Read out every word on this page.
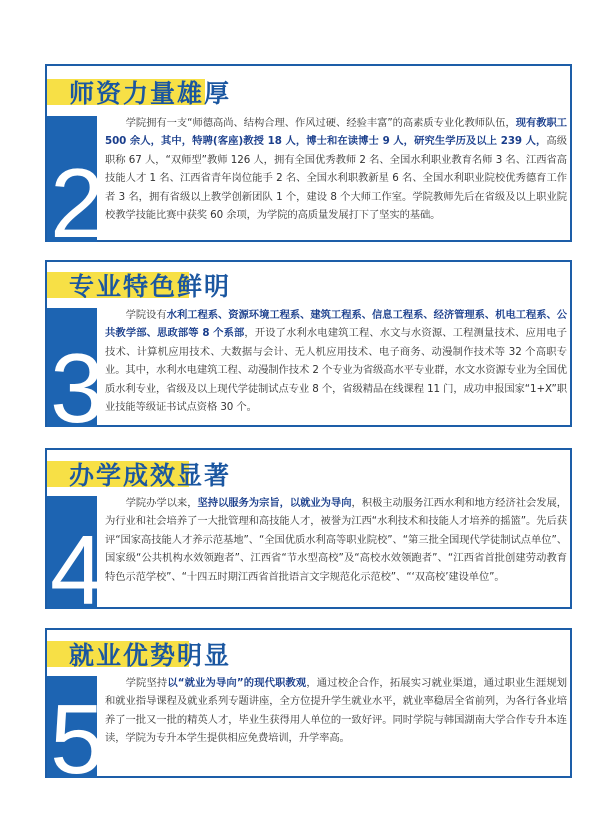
师资力量雄厚
2

学院拥有一支“师德高尚、结构合理、作风过硬、经验丰富”的高素质专业化教师队伍，现有教职工 500 余人，其中，特聘(客座)教授 18 人，博士和在读博士 9 人，研究生学历及以上 239 人，高级职称 67 人，“双师型”教师 126 人，拥有全国优秀教师 2 名、全国水利职业教育名师 3 名、江西省高技能人才 1 名、江西省青年岗位能手 2 名、全国水利职教新星 6 名、全国水利职业院校优秀德育工作者 3 名，拥有省级以上教学创新团队 1 个，建设 8 个大师工作室。学院教师先后在省级及以上职业院校教学技能比赛中获奖 60 余项，为学院的高质量发展打下了坚实的基础。

专业特色鲜明
3

学院设有水利工程系、资源环境工程系、建筑工程系、信息工程系、经济管理系、机电工程系、公共教学部、思政部等 8 个系部，开设了水利水电建筑工程、水文与水资源、工程测量技术、应用电子技术、计算机应用技术、大数据与会计、无人机应用技术、电子商务、动漫制作技术等 32 个高职专业。其中，水利水电建筑工程、动漫制作技术 2 个专业为省级高水平专业群，水文水资源专业为全国优质水利专业，省级及以上现代学徒制试点专业 8 个，省级精品在线课程 11 门，成功申报国家“1+X”职业技能等级证书试点资格 30 个。

办学成效显著
4

学院办学以来，坚持以服务为宗旨，以就业为导向，积极主动服务江西水利和地方经济社会发展，为行业和社会培养了一大批管理和高技能人才，被誉为江西“水利技术和技能人才培养的摇篮”。先后获评“国家高技能人才养示范基地”、“全国优质水利高等职业院校”、“第三批全国现代学徒制试点单位”、国家级“公共机构水效领跑者”、江西省“节水型高校”及“高校水效领跑者”、“江西省首批创建劳动教育特色示范学校”、“十四五时期江西省首批语言文字规范化示范校”、“‘双高校’建设单位”。

就业优势明显
5

学院坚持以“就业为导向”的现代职教观，通过校企合作，拓展实习就业渠道，通过职业生涯规划和就业指导课程及就业系列专题讲座，全方位提升学生就业水平，就业率稳居全省前列，为各行各业培养了一批又一批的精英人才，毕业生获得用人单位的一致好评。同时学院与韩国湖南大学合作专升本连读，学院为专升本学生提供相应免费培训，升学率高。
